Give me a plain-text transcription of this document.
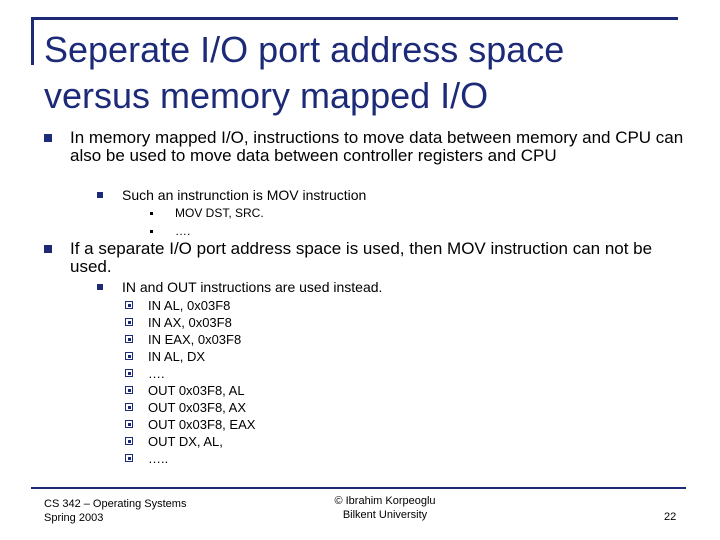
Seperate I/O port address space
versus memory mapped I/O
In memory mapped I/O, instructions to move data between memory and CPU can also be used to move data between controller registers and CPU
Such an instrunction is MOV instruction
MOV DST, SRC.
….
If a separate I/O port address space is used, then MOV instruction can not be used.
IN and OUT instructions are used instead.
IN AL, 0x03F8
IN AX, 0x03F8
IN EAX, 0x03F8
IN AL, DX
….
OUT 0x03F8, AL
OUT 0x03F8, AX
OUT 0x03F8, EAX
OUT DX, AL,
…..
CS 342 – Operating Systems
Spring 2003
© Ibrahim Korpeoglu
Bilkent University	22
